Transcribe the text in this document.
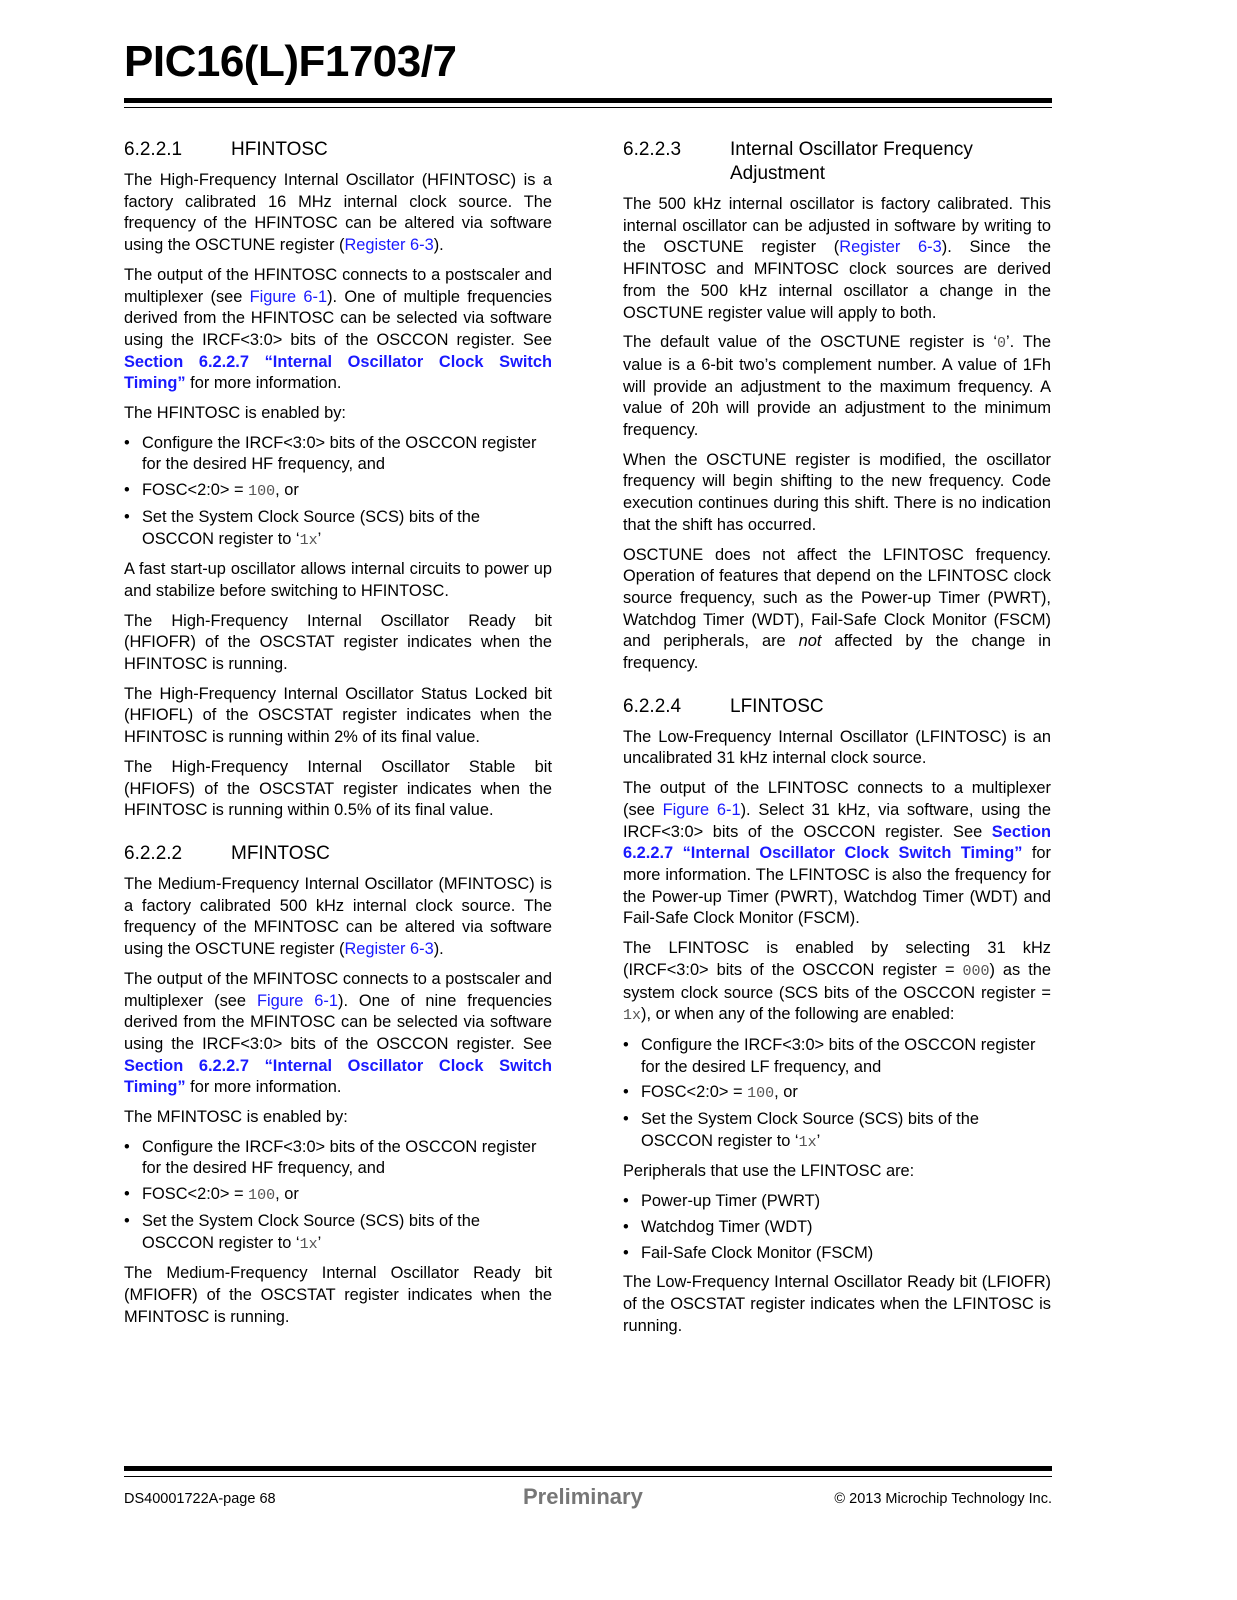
PIC16(L)F1703/7
6.2.2.1	HFINTOSC

The High-Frequency Internal Oscillator (HFINTOSC) is a factory calibrated 16 MHz internal clock source. The frequency of the HFINTOSC can be altered via software using the OSCTUNE register (Register 6-3).

The output of the HFINTOSC connects to a postscaler and multiplexer (see Figure 6-1). One of multiple frequencies derived from the HFINTOSC can be selected via software using the IRCF<3:0> bits of the OSCCON register. See Section 6.2.2.7 “Internal Oscillator Clock Switch Timing” for more information.

The HFINTOSC is enabled by:

• Configure the IRCF<3:0> bits of the OSCCON register for the desired HF frequency, and
• FOSC<2:0> = 100, or
• Set the System Clock Source (SCS) bits of the OSCCON register to ‘1x’

A fast start-up oscillator allows internal circuits to power up and stabilize before switching to HFINTOSC.

The High-Frequency Internal Oscillator Ready bit (HFIOFR) of the OSCSTAT register indicates when the HFINTOSC is running.

The High-Frequency Internal Oscillator Status Locked bit (HFIOFL) of the OSCSTAT register indicates when the HFINTOSC is running within 2% of its final value.

The High-Frequency Internal Oscillator Stable bit (HFIOFS) of the OSCSTAT register indicates when the HFINTOSC is running within 0.5% of its final value.

6.2.2.2	MFINTOSC

The Medium-Frequency Internal Oscillator (MFINTOSC) is a factory calibrated 500 kHz internal clock source. The frequency of the MFINTOSC can be altered via software using the OSCTUNE register (Register 6-3).

The output of the MFINTOSC connects to a postscaler and multiplexer (see Figure 6-1). One of nine frequencies derived from the MFINTOSC can be selected via software using the IRCF<3:0> bits of the OSCCON register. See Section 6.2.2.7 “Internal Oscillator Clock Switch Timing” for more information.

The MFINTOSC is enabled by:

• Configure the IRCF<3:0> bits of the OSCCON register for the desired HF frequency, and
• FOSC<2:0> = 100, or
• Set the System Clock Source (SCS) bits of the OSCCON register to ‘1x’

The Medium-Frequency Internal Oscillator Ready bit (MFIOFR) of the OSCSTAT register indicates when the MFINTOSC is running.

6.2.2.3	Internal Oscillator Frequency Adjustment

The 500 kHz internal oscillator is factory calibrated. This internal oscillator can be adjusted in software by writing to the OSCTUNE register (Register 6-3). Since the HFINTOSC and MFINTOSC clock sources are derived from the 500 kHz internal oscillator a change in the OSCTUNE register value will apply to both.

The default value of the OSCTUNE register is ‘0’. The value is a 6-bit two’s complement number. A value of 1Fh will provide an adjustment to the maximum frequency. A value of 20h will provide an adjustment to the minimum frequency.

When the OSCTUNE register is modified, the oscillator frequency will begin shifting to the new frequency. Code execution continues during this shift. There is no indication that the shift has occurred.

OSCTUNE does not affect the LFINTOSC frequency. Operation of features that depend on the LFINTOSC clock source frequency, such as the Power-up Timer (PWRT), Watchdog Timer (WDT), Fail-Safe Clock Monitor (FSCM) and peripherals, are not affected by the change in frequency.

6.2.2.4	LFINTOSC

The Low-Frequency Internal Oscillator (LFINTOSC) is an uncalibrated 31 kHz internal clock source.

The output of the LFINTOSC connects to a multiplexer (see Figure 6-1). Select 31 kHz, via software, using the IRCF<3:0> bits of the OSCCON register. See Section 6.2.2.7 “Internal Oscillator Clock Switch Timing” for more information. The LFINTOSC is also the frequency for the Power-up Timer (PWRT), Watchdog Timer (WDT) and Fail-Safe Clock Monitor (FSCM).

The LFINTOSC is enabled by selecting 31 kHz (IRCF<3:0> bits of the OSCCON register = 000) as the system clock source (SCS bits of the OSCCON register = 1x), or when any of the following are enabled:

• Configure the IRCF<3:0> bits of the OSCCON register for the desired LF frequency, and
• FOSC<2:0> = 100, or
• Set the System Clock Source (SCS) bits of the OSCCON register to ‘1x’

Peripherals that use the LFINTOSC are:

• Power-up Timer (PWRT)
• Watchdog Timer (WDT)
• Fail-Safe Clock Monitor (FSCM)

The Low-Frequency Internal Oscillator Ready bit (LFIOFR) of the OSCSTAT register indicates when the LFINTOSC is running.

DS40001722A-page 68	Preliminary	© 2013 Microchip Technology Inc.
